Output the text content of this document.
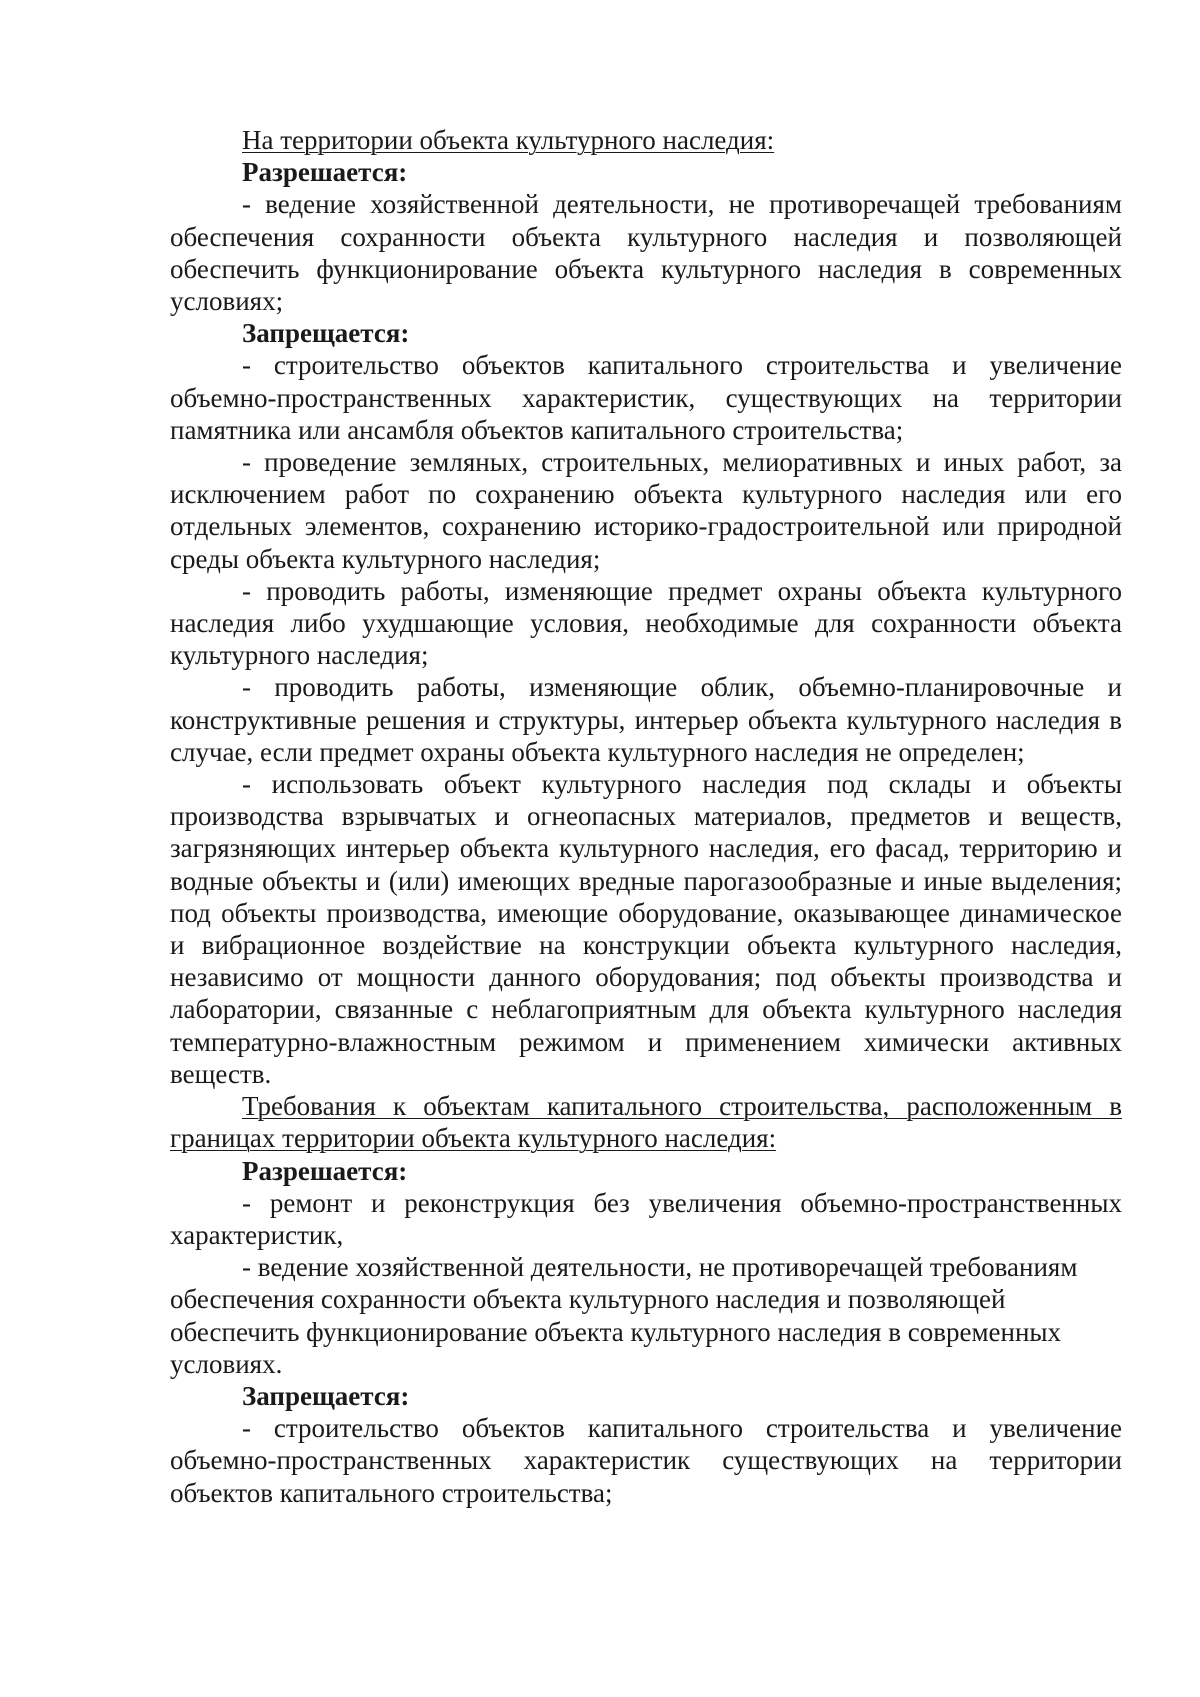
На территории объекта культурного наследия:

Разрешается:

- ведение хозяйственной деятельности, не противоречащей требованиям обеспечения сохранности объекта культурного наследия и позволяющей обеспечить функционирование объекта культурного наследия в современных условиях;

Запрещается:

- строительство объектов капитального строительства и увеличение объемно-пространственных характеристик, существующих на территории памятника или ансамбля объектов капитального строительства;

- проведение земляных, строительных, мелиоративных и иных работ, за исключением работ по сохранению объекта культурного наследия или его отдельных элементов, сохранению историко-градостроительной или природной среды объекта культурного наследия;

- проводить работы, изменяющие предмет охраны объекта культурного наследия либо ухудшающие условия, необходимые для сохранности объекта культурного наследия;

- проводить работы, изменяющие облик, объемно-планировочные и конструктивные решения и структуры, интерьер объекта культурного наследия в случае, если предмет охраны объекта культурного наследия не определен;

- использовать объект культурного наследия под склады и объекты производства взрывчатых и огнеопасных материалов, предметов и веществ, загрязняющих интерьер объекта культурного наследия, его фасад, территорию и водные объекты и (или) имеющих вредные парогазообразные и иные выделения; под объекты производства, имеющие оборудование, оказывающее динамическое и вибрационное воздействие на конструкции объекта культурного наследия, независимо от мощности данного оборудования; под объекты производства и лаборатории, связанные с неблагоприятным для объекта культурного наследия температурно-влажностным режимом и применением химически активных веществ.

Требования к объектам капитального строительства, расположенным в границах территории объекта культурного наследия:

Разрешается:

- ремонт и реконструкция без увеличения объемно-пространственных характеристик,

- ведение хозяйственной деятельности, не противоречащей требованиям обеспечения сохранности объекта культурного наследия и позволяющей обеспечить функционирование объекта культурного наследия в современных условиях.

Запрещается:

- строительство объектов капитального строительства и увеличение объемно-пространственных характеристик существующих на территории объектов капитального строительства;
